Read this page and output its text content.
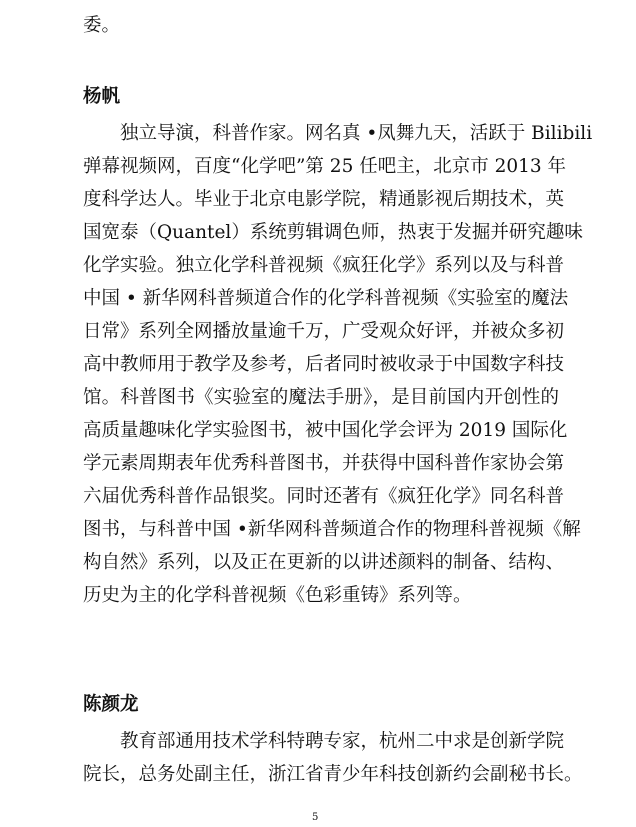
委。
杨帆
独立导演，科普作家。网名真 •凤舞九天，活跃于 Bilibili
弹幕视频网，百度“化学吧”第 25 任吧主，北京市 2013 年
度科学达人。毕业于北京电影学院，精通影视后期技术，英
国宽泰（Quantel）系统剪辑调色师，热衷于发掘并研究趣味
化学实验。独立化学科普视频《疯狂化学》系列以及与科普
中国 • 新华网科普频道合作的化学科普视频《实验室的魔法
日常》系列全网播放量逾千万，广受观众好评，并被众多初
高中教师用于教学及参考，后者同时被收录于中国数字科技
馆。科普图书《实验室的魔法手册》，是目前国内开创性的
高质量趣味化学实验图书，被中国化学会评为 2019 国际化
学元素周期表年优秀科普图书，并获得中国科普作家协会第
六届优秀科普作品银奖。同时还著有《疯狂化学》同名科普
图书，与科普中国 •新华网科普频道合作的物理科普视频《解
构自然》系列，以及正在更新的以讲述颜料的制备、结构、
历史为主的化学科普视频《色彩重铸》系列等。
陈颜龙
教育部通用技术学科特聘专家，杭州二中求是创新学院
院长，总务处副主任，浙江省青少年科技创新约会副秘书长。
5
